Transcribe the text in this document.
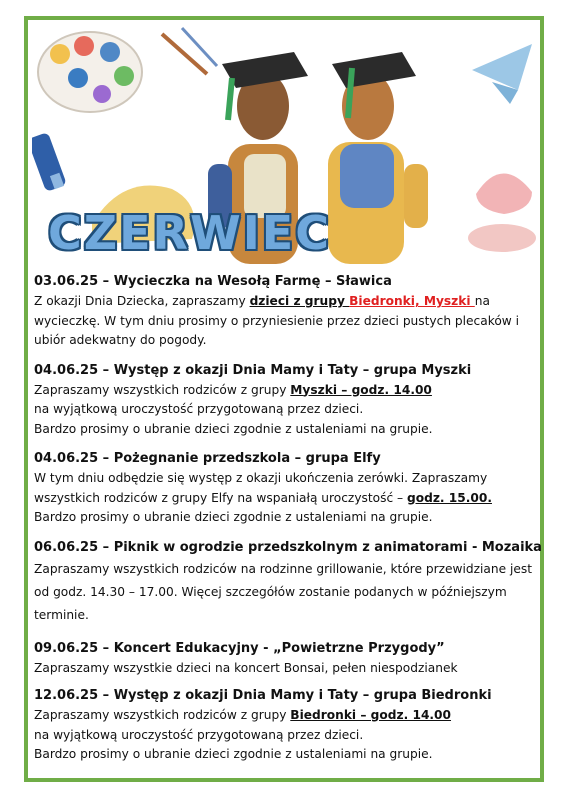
CZERWIEC
03.06.25 – Wycieczka na Wesołą Farmę – Sławica

Z okazji Dnia Dziecka, zapraszamy dzieci z grupy Biedronki, Myszki na wycieczkę. W tym dniu prosimy o przyniesienie przez dzieci pustych plecaków i ubiór adekwatny do pogody.

04.06.25 – Występ z okazji Dnia Mamy i Taty – grupa Myszki

Zapraszamy wszystkich rodziców z grupy Myszki – godz. 14.00
na wyjątkową uroczystość przygotowaną przez dzieci.
Bardzo prosimy o ubranie dzieci zgodnie z ustaleniami na grupie.

04.06.25 – Pożegnanie przedszkola – grupa Elfy

W tym dniu odbędzie się występ z okazji ukończenia zerówki. Zapraszamy wszystkich rodziców z grupy Elfy na wspaniałą uroczystość – godz. 15.00.
Bardzo prosimy o ubranie dzieci zgodnie z ustaleniami na grupie.

06.06.25 – Piknik w ogrodzie przedszkolnym z animatorami - Mozaika

Zapraszamy wszystkich rodziców na rodzinne grillowanie, które przewidziane jest od godz. 14.30 – 17.00. Więcej szczegółów zostanie podanych w późniejszym terminie.

09.06.25 – Koncert Edukacyjny - „Powietrzne Przygody”

Zapraszamy wszystkie dzieci na koncert Bonsai, pełen niespodzianek

12.06.25 – Występ z okazji Dnia Mamy i Taty – grupa Biedronki

Zapraszamy wszystkich rodziców z grupy Biedronki – godz. 14.00
na wyjątkową uroczystość przygotowaną przez dzieci.
Bardzo prosimy o ubranie dzieci zgodnie z ustaleniami na grupie.
